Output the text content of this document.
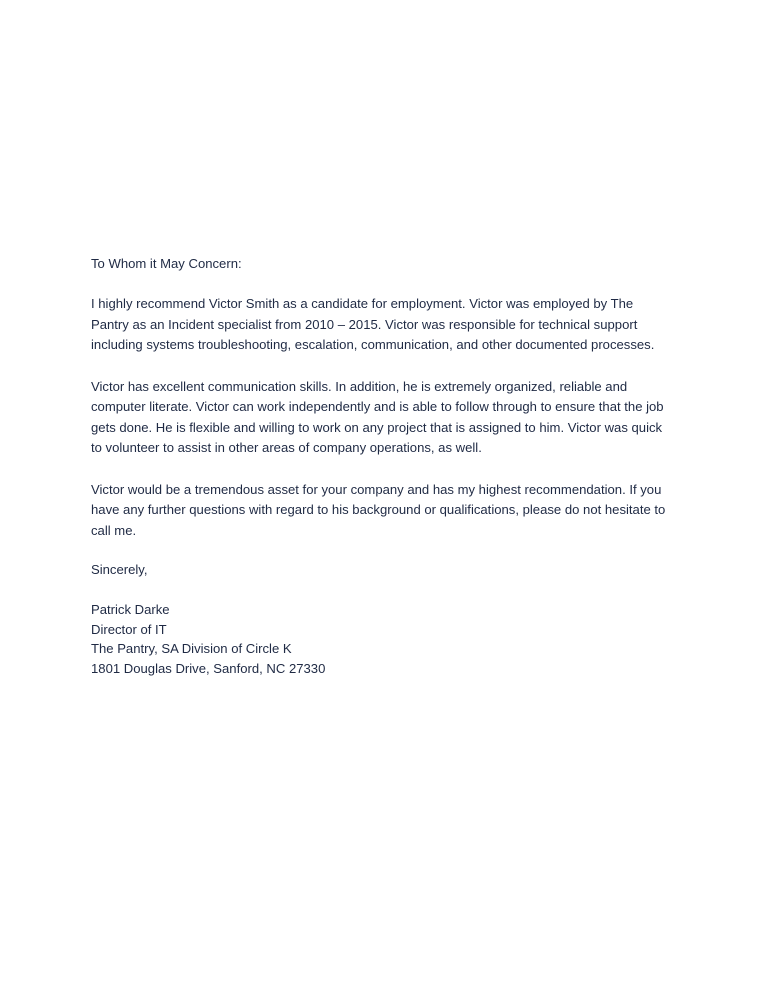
To Whom it May Concern:

I highly recommend Victor Smith as a candidate for employment. Victor was employed by The
Pantry as an Incident specialist from 2010 – 2015. Victor was responsible for technical support
including systems troubleshooting, escalation, communication, and other documented processes.

Victor has excellent communication skills. In addition, he is extremely organized, reliable and
computer literate. Victor can work independently and is able to follow through to ensure that the job
gets done. He is flexible and willing to work on any project that is assigned to him. Victor was quick
to volunteer to assist in other areas of company operations, as well.

Victor would be a tremendous asset for your company and has my highest recommendation. If you
have any further questions with regard to his background or qualifications, please do not hesitate to
call me.

Sincerely,

Patrick Darke
Director of IT
The Pantry, SA Division of Circle K
1801 Douglas Drive, Sanford, NC 27330
